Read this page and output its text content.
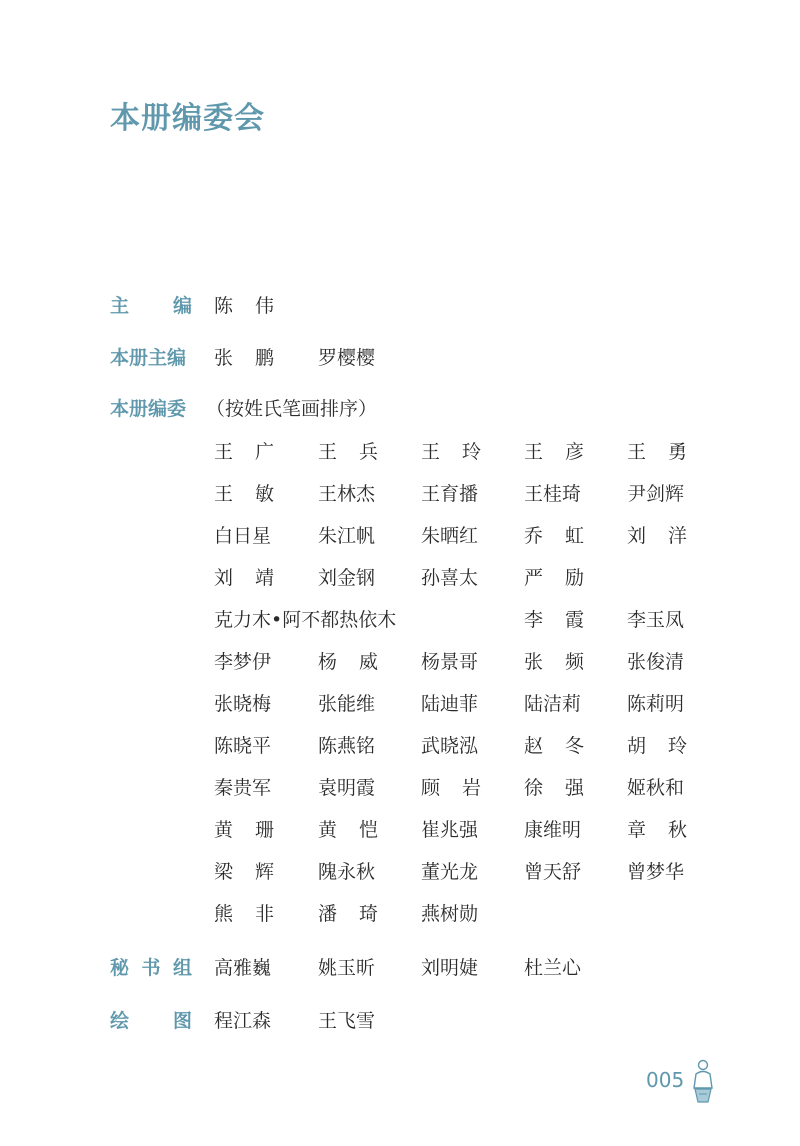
本册编委会
主编 陈伟
本册主编 张鹏 罗樱樱
本册编委 （按姓氏笔画排序）
王广 王兵 王玲 王彦 王勇
王敏 王林杰 王育播 王桂琦 尹剑辉
白日星 朱江帆 朱晒红 乔虹 刘洋
刘靖 刘金钢 孙喜太 严励
克力木•阿不都热依木	李霞 李玉凤
李梦伊 杨威 杨景哥 张频 张俊清
张晓梅 张能维 陆迪菲 陆洁莉 陈莉明
陈晓平 陈燕铭 武晓泓 赵冬 胡玲
秦贵军 袁明霞 顾岩 徐强 姬秋和
黄珊 黄恺 崔兆强 康维明 章秋
梁辉 隗永秋 董光龙 曾天舒 曾梦华
熊非 潘琦 燕树勋
秘书组 高雅巍 姚玉昕 刘明婕 杜兰心
绘图 程江森 王飞雪
005
